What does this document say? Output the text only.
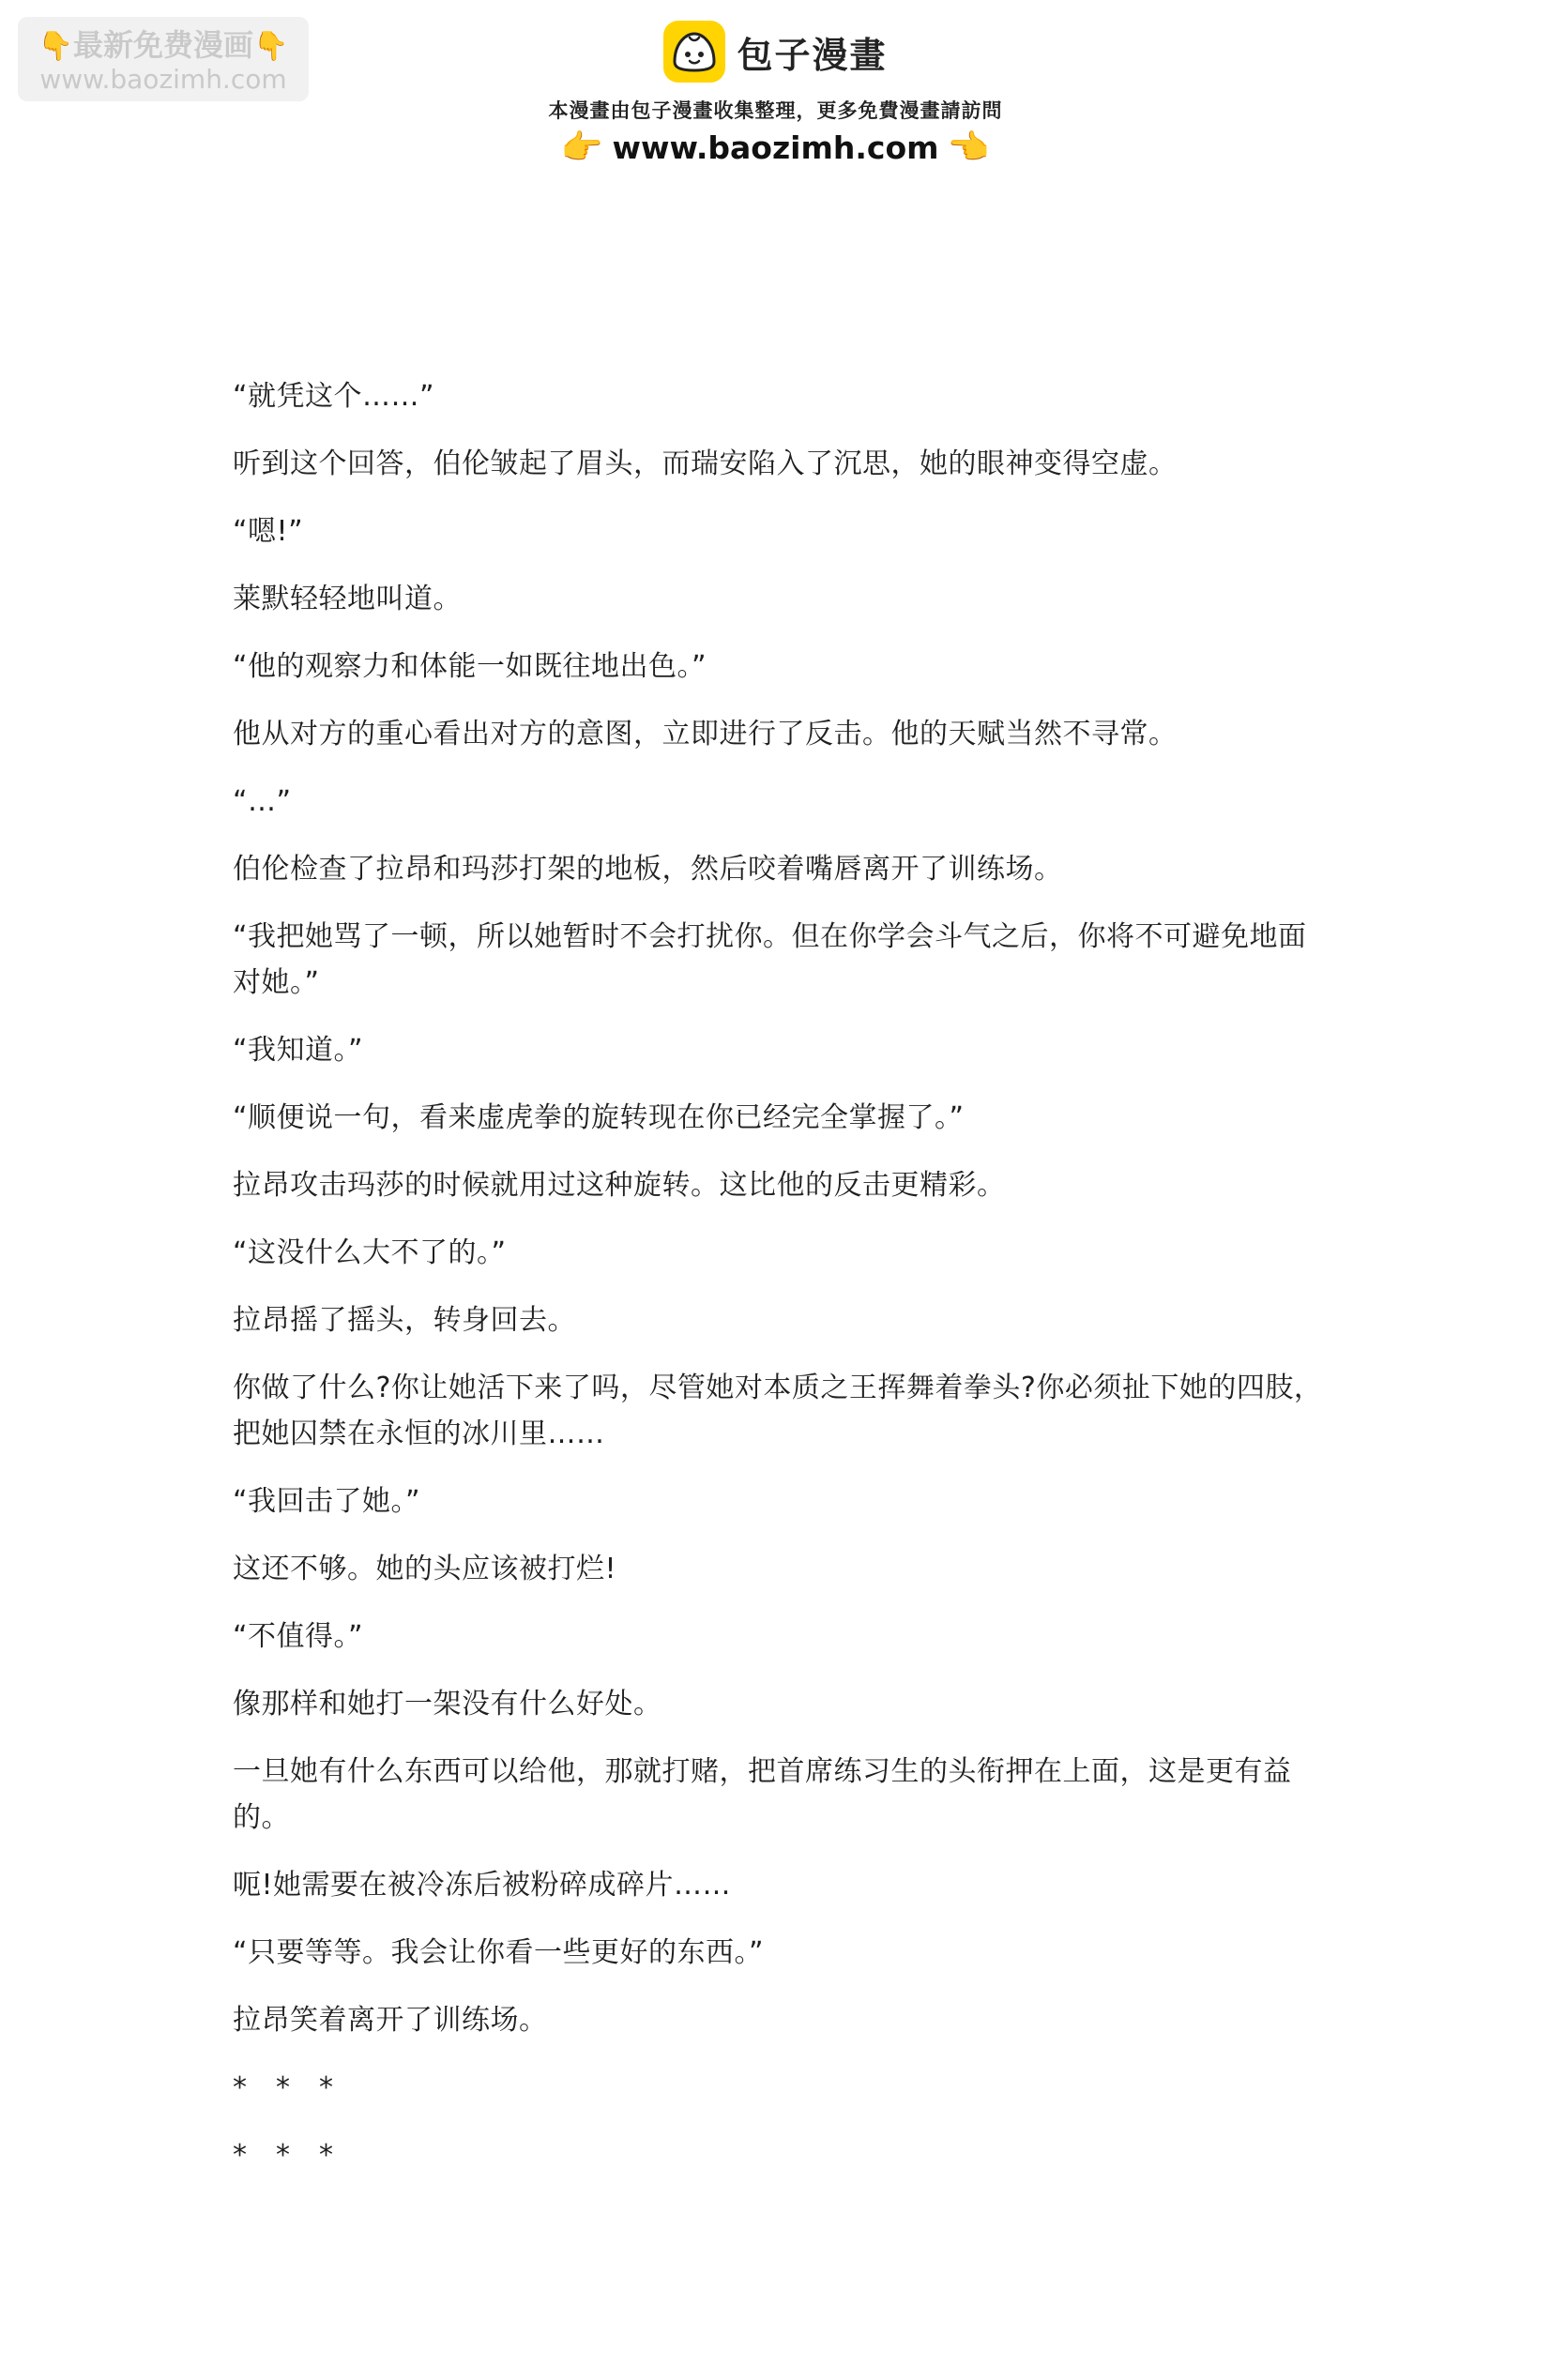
👇最新免费漫画👇
www.baozimh.com
包子漫畫
本漫畫由包子漫畫收集整理，更多免費漫畫請訪問
👉 www.baozimh.com 👉

“就凭这个……”

听到这个回答，伯伦皱起了眉头，而瑞安陷入了沉思，她的眼神变得空虚。

“嗯!”

莱默轻轻地叫道。

“他的观察力和体能一如既往地出色。”

他从对方的重心看出对方的意图，立即进行了反击。他的天赋当然不寻常。

“…”

伯伦检查了拉昂和玛莎打架的地板，然后咬着嘴唇离开了训练场。

“我把她骂了一顿，所以她暂时不会打扰你。但在你学会斗气之后，你将不可避免地面对她。”

“我知道。”

“顺便说一句，看来虚虎拳的旋转现在你已经完全掌握了。”

拉昂攻击玛莎的时候就用过这种旋转。这比他的反击更精彩。

“这没什么大不了的。”

拉昂摇了摇头，转身回去。

你做了什么?你让她活下来了吗，尽管她对本质之王挥舞着拳头?你必须扯下她的四肢，把她囚禁在永恒的冰川里……

“我回击了她。”

这还不够。她的头应该被打烂!

“不值得。”

像那样和她打一架没有什么好处。

一旦她有什么东西可以给他，那就打赌，把首席练习生的头衔押在上面，这是更有益的。

呃!她需要在被冷冻后被粉碎成碎片……

“只要等等。我会让你看一些更好的东西。”

拉昂笑着离开了训练场。

*　*　*

*　*　*
